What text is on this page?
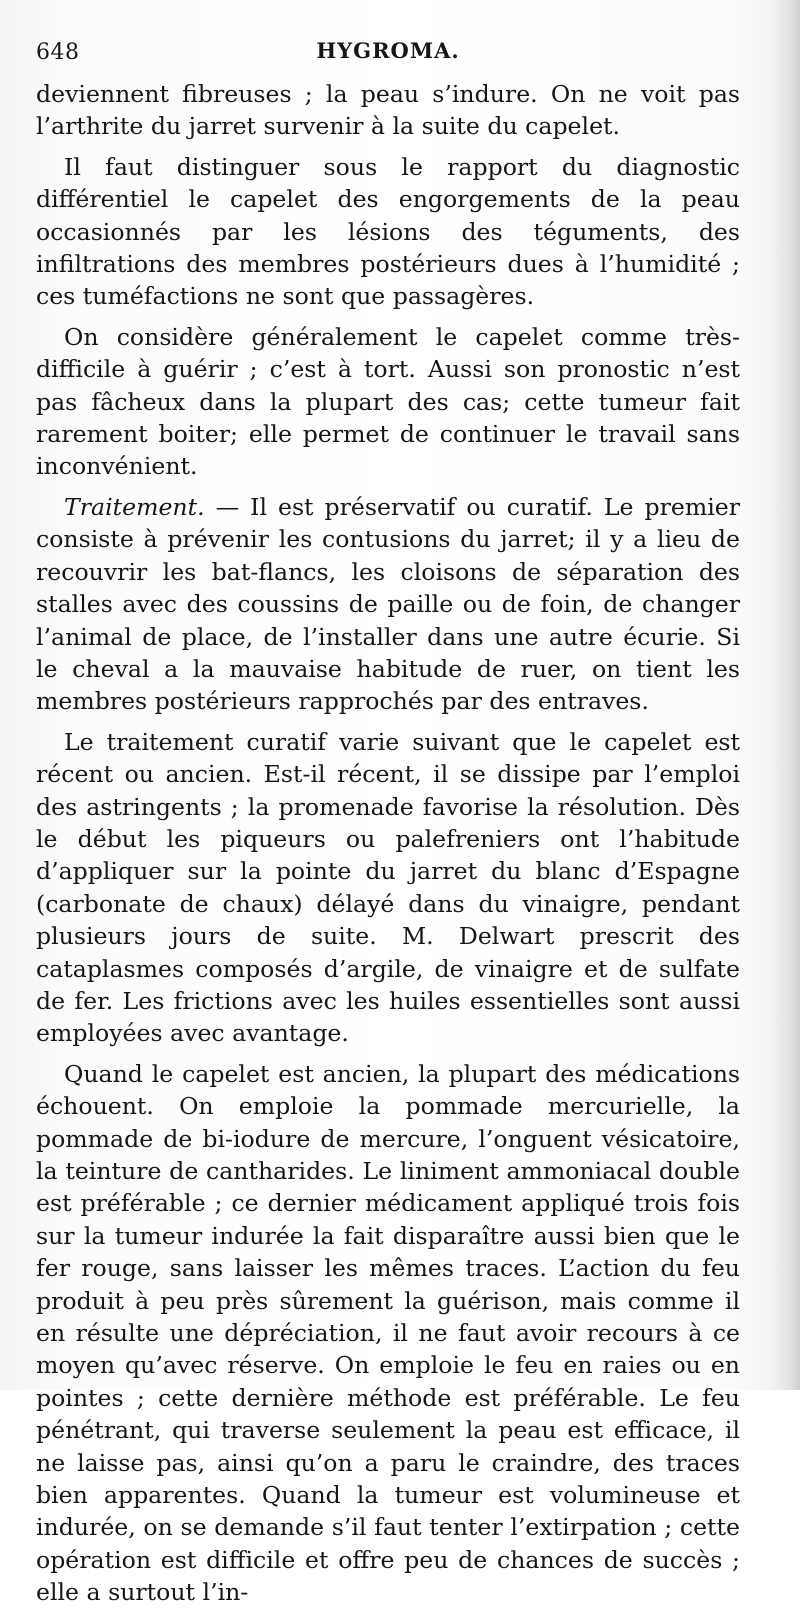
648	HYGROMA.

deviennent fibreuses ; la peau s’indure. On ne voit pas l’arthrite du jarret survenir à la suite du capelet.

Il faut distinguer sous le rapport du diagnostic différentiel le capelet des engorgements de la peau occasionnés par les lésions des téguments, des infiltrations des membres postérieurs dues à l’humidité ; ces tuméfactions ne sont que passagères.

On considère généralement le capelet comme très-difficile à guérir ; c’est à tort. Aussi son pronostic n’est pas fâcheux dans la plupart des cas; cette tumeur fait rarement boiter; elle permet de continuer le travail sans inconvénient.

Traitement. — Il est préservatif ou curatif. Le premier consiste à prévenir les contusions du jarret; il y a lieu de recouvrir les bat-flancs, les cloisons de séparation des stalles avec des coussins de paille ou de foin, de changer l’animal de place, de l’installer dans une autre écurie. Si le cheval a la mauvaise habitude de ruer, on tient les membres postérieurs rapprochés par des entraves.

Le traitement curatif varie suivant que le capelet est récent ou ancien. Est-il récent, il se dissipe par l’emploi des astringents ; la promenade favorise la résolution. Dès le début les piqueurs ou palefreniers ont l’habitude d’appliquer sur la pointe du jarret du blanc d’Espagne (carbonate de chaux) délayé dans du vinaigre, pendant plusieurs jours de suite. M. Delwart prescrit des cataplasmes composés d’argile, de vinaigre et de sulfate de fer. Les frictions avec les huiles essentielles sont aussi employées avec avantage.

Quand le capelet est ancien, la plupart des médications échouent. On emploie la pommade mercurielle, la pommade de bi-iodure de mercure, l’onguent vésicatoire, la teinture de cantharides. Le liniment ammoniacal double est préférable ; ce dernier médicament appliqué trois fois sur la tumeur indurée la fait disparaître aussi bien que le fer rouge, sans laisser les mêmes traces. L’action du feu produit à peu près sûrement la guérison, mais comme il en résulte une dépréciation, il ne faut avoir recours à ce moyen qu’avec réserve. On emploie le feu en raies ou en pointes ; cette dernière méthode est préférable. Le feu pénétrant, qui traverse seulement la peau est efficace, il ne laisse pas, ainsi qu’on a paru le craindre, des traces bien apparentes. Quand la tumeur est volumineuse et indurée, on se demande s’il faut tenter l’extirpation ; cette opération est difficile et offre peu de chances de succès ; elle a surtout l’in-
